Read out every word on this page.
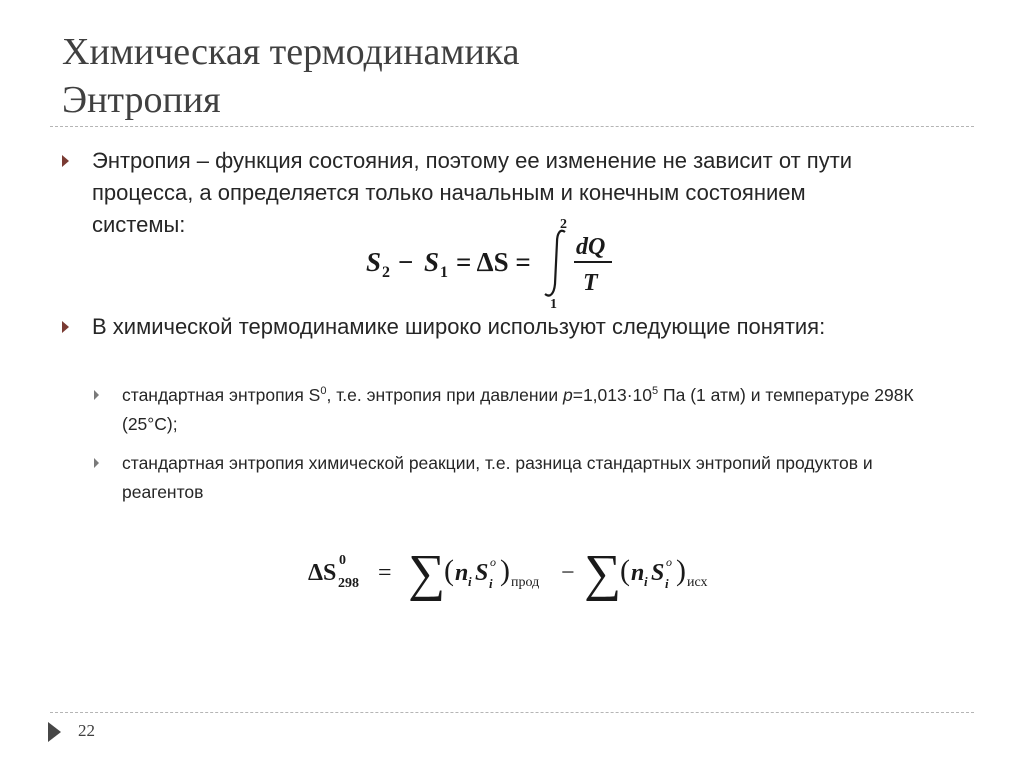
Химическая термодинамика
Энтропия
Энтропия – функция состояния, поэтому ее изменение не зависит от пути процесса, а определяется только начальным и конечным состоянием системы:
S 2 − S 1 = ΔS =
2
1
dQ
T
В химической термодинамике широко используют следующие понятия:
стандартная энтропия $S^0$, т.е. энтропия при давлении $p=1,013\cdot 10^5$ Па (1 атм) и температуре 298К (25°С);
стандартная энтропия химической реакции, т.е. разница стандартных энтропий продуктов и реагентов
ΔS 0
298 = ∑
( n i S o
i ) прод − ∑
( n i S o
i ) исх
22
